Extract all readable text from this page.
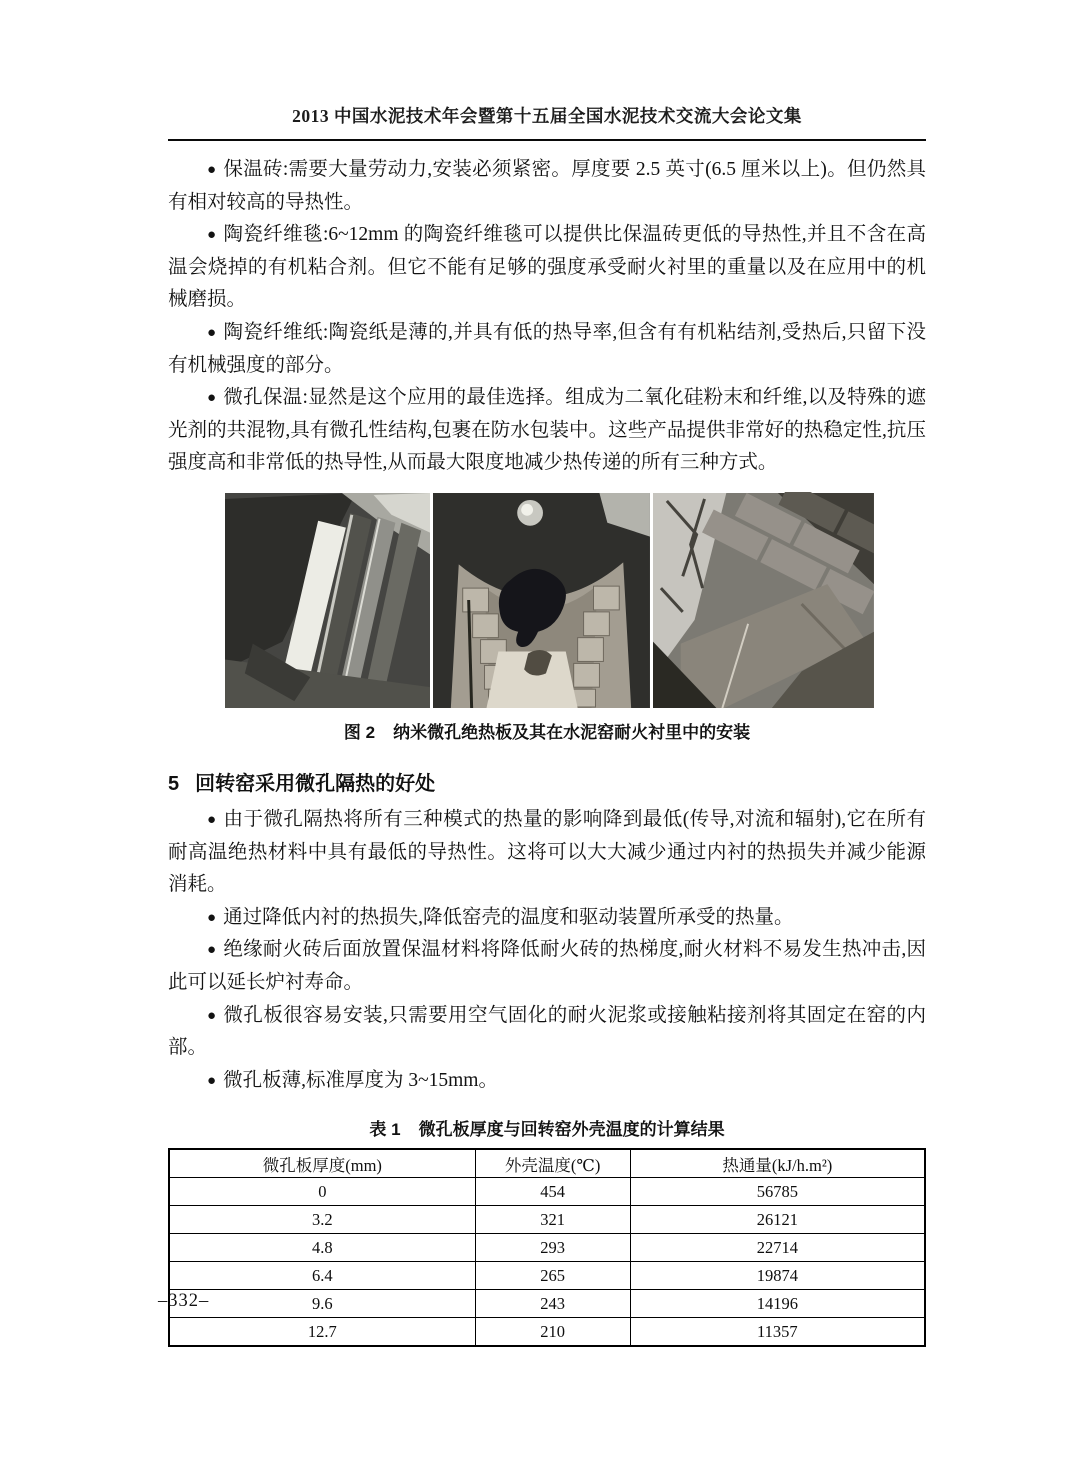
2013 中国水泥技术年会暨第十五届全国水泥技术交流大会论文集

● 保温砖:需要大量劳动力,安装必须紧密。厚度要 2.5 英寸(6.5 厘米以上)。但仍然具有相对较高的导热性。

● 陶瓷纤维毯:6~12mm 的陶瓷纤维毯可以提供比保温砖更低的导热性,并且不含在高温会烧掉的有机粘合剂。但它不能有足够的强度承受耐火衬里的重量以及在应用中的机械磨损。

● 陶瓷纤维纸:陶瓷纸是薄的,并具有低的热导率,但含有有机粘结剂,受热后,只留下没有机械强度的部分。

● 微孔保温:显然是这个应用的最佳选择。组成为二氧化硅粉末和纤维,以及特殊的遮光剂的共混物,具有微孔性结构,包裹在防水包装中。这些产品提供非常好的热稳定性,抗压强度高和非常低的热导性,从而最大限度地减少热传递的所有三种方式。

图 2 纳米微孔绝热板及其在水泥窑耐火衬里中的安装
5 回转窑采用微孔隔热的好处

● 由于微孔隔热将所有三种模式的热量的影响降到最低(传导,对流和辐射),它在所有耐高温绝热材料中具有最低的导热性。这将可以大大减少通过内衬的热损失并减少能源消耗。

● 通过降低内衬的热损失,降低窑壳的温度和驱动装置所承受的热量。

● 绝缘耐火砖后面放置保温材料将降低耐火砖的热梯度,耐火材料不易发生热冲击,因此可以延长炉衬寿命。

● 微孔板很容易安装,只需要用空气固化的耐火泥浆或接触粘接剂将其固定在窑的内部。

● 微孔板薄,标准厚度为 3~15mm。

表 1 微孔板厚度与回转窑外壳温度的计算结果
微孔板厚度(mm)	外壳温度(℃)	热通量(kJ/h.m²)
0	454	56785
3.2	321	26121
4.8	293	22714
6.4	265	19874
9.6	243	14196
12.7	210	11357
–332–
